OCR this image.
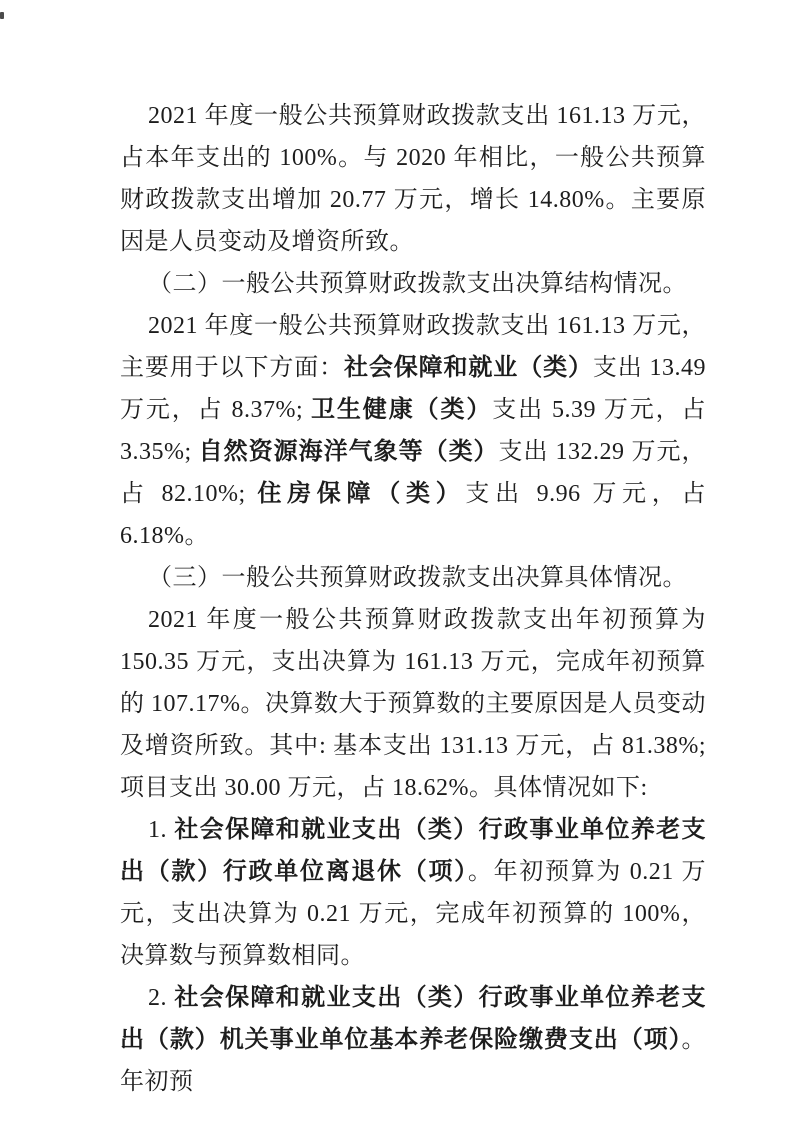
2021 年度一般公共预算财政拨款支出 161.13 万元，占本年支出的 100%。与 2020 年相比，一般公共预算财政拨款支出增加 20.77 万元，增长 14.80%。主要原因是人员变动及增资所致。

（二）一般公共预算财政拨款支出决算结构情况。

2021 年度一般公共预算财政拨款支出 161.13 万元，主要用于以下方面：社会保障和就业（类）支出 13.49 万元，占 8.37%; 卫生健康（类）支出 5.39 万元，占 3.35%; 自然资源海洋气象等（类）支出 132.29 万元，占 82.10%; 住房保障（类）支出 9.96 万元，占 6.18%。

（三）一般公共预算财政拨款支出决算具体情况。

2021 年度一般公共预算财政拨款支出年初预算为 150.35 万元，支出决算为 161.13 万元，完成年初预算的 107.17%。决算数大于预算数的主要原因是人员变动及增资所致。其中: 基本支出 131.13 万元，占 81.38%; 项目支出 30.00 万元，占 18.62%。具体情况如下:

1. 社会保障和就业支出（类）行政事业单位养老支出（款）行政单位离退休（项）。年初预算为 0.21 万元，支出决算为 0.21 万元，完成年初预算的 100%，决算数与预算数相同。

2. 社会保障和就业支出（类）行政事业单位养老支出（款）机关事业单位基本养老保险缴费支出（项）。年初预
